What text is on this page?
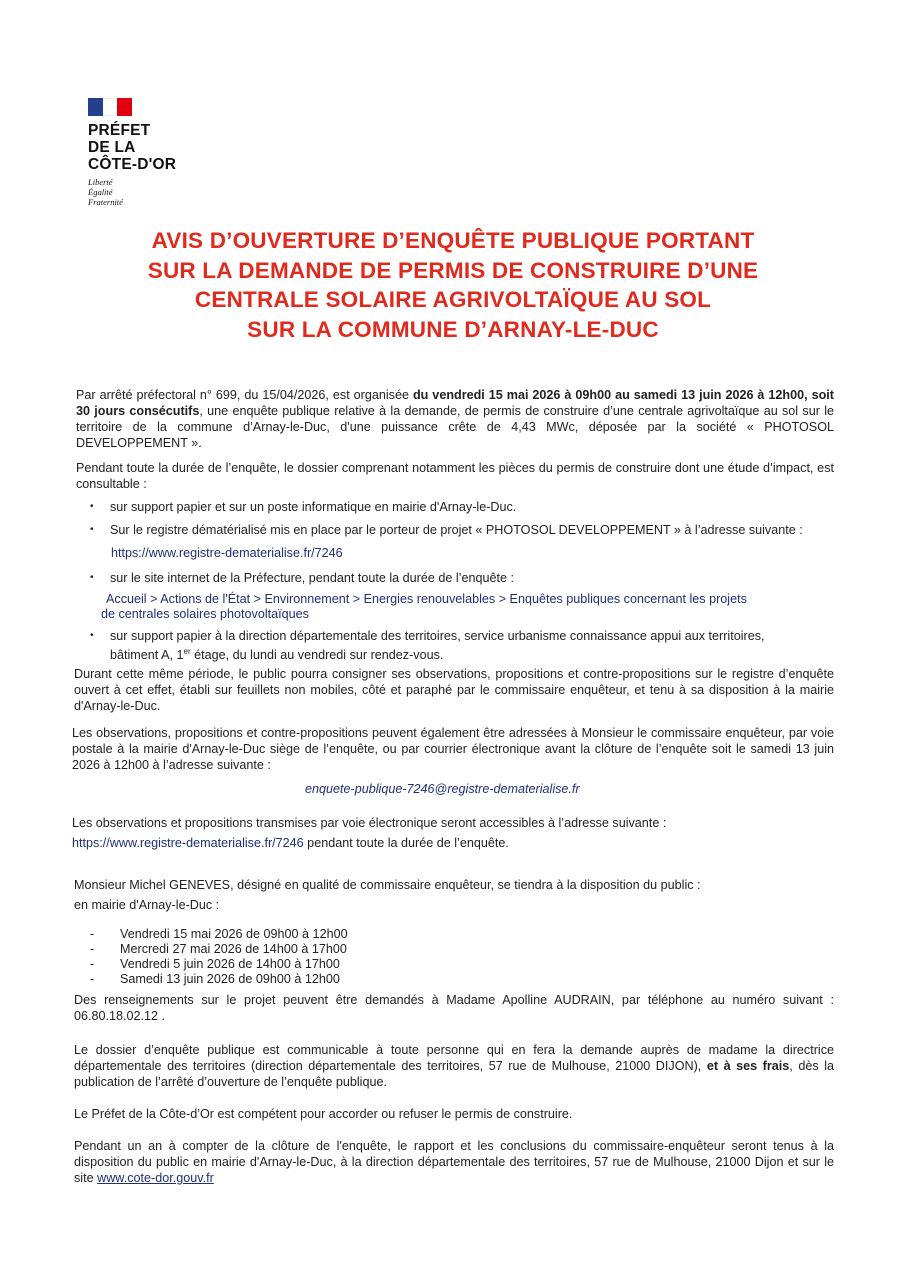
PRÉFET
DE LA
CÔTE-D'OR
Liberté
Égalité
Fraternité
AVIS D’OUVERTURE D’ENQUÊTE PUBLIQUE PORTANT
SUR LA DEMANDE DE PERMIS DE CONSTRUIRE D’UNE
CENTRALE SOLAIRE AGRIVOLTAÏQUE AU SOL
SUR LA COMMUNE D’ARNAY-LE-DUC
Par arrêté préfectoral n° 699, du 15/04/2026, est organisée du vendredi 15 mai 2026 à 09h00 au samedi 13 juin 2026 à 12h00, soit 30 jours consécutifs, une enquête publique relative à la demande, de permis de construire d’une centrale agrivoltaïque au sol sur le territoire de la commune d’Arnay-le-Duc, d'une puissance crête de 4,43 MWc, déposée par la société « PHOTOSOL DEVELOPPEMENT ».
Pendant toute la durée de l’enquête, le dossier comprenant notamment les pièces du permis de construire dont une étude d’impact, est consultable :
• sur support papier et sur un poste informatique en mairie d'Arnay-le-Duc.
• Sur le registre dématérialisé mis en place par le porteur de projet « PHOTOSOL DEVELOPPEMENT » à l’adresse suivante :
https://www.registre-dematerialise.fr/7246
• sur le site internet de la Préfecture, pendant toute la durée de l’enquête :
Accueil > Actions de l'État > Environnement > Energies renouvelables > Enquêtes publiques concernant les projets
de centrales solaires photovoltaïques
• sur support papier à la direction départementale des territoires, service urbanisme connaissance appui aux territoires, bâtiment A, 1er étage, du lundi au vendredi sur rendez-vous.
Durant cette même période, le public pourra consigner ses observations, propositions et contre-propositions sur le registre d’enquête ouvert à cet effet, établi sur feuillets non mobiles, côté et paraphé par le commissaire enquêteur, et tenu à sa disposition à la mairie d'Arnay-le-Duc.
Les observations, propositions et contre-propositions peuvent également être adressées à Monsieur le commissaire enquêteur, par voie postale à la mairie d'Arnay-le-Duc siège de l’enquête, ou par courrier électronique avant la clôture de l’enquête soit le samedi 13 juin 2026 à 12h00 à l’adresse suivante :
enquete-publique-7246@registre-dematerialise.fr
Les observations et propositions transmises par voie électronique seront accessibles à l’adresse suivante :
https://www.registre-dematerialise.fr/7246 pendant toute la durée de l’enquête.
Monsieur Michel GENEVES, désigné en qualité de commissaire enquêteur, se tiendra à la disposition du public :
en mairie d'Arnay-le-Duc :
-	Vendredi 15 mai 2026 de 09h00 à 12h00
-	Mercredi 27 mai 2026 de 14h00 à 17h00
-	Vendredi 5 juin 2026 de 14h00 à 17h00
-	Samedi 13 juin 2026 de 09h00 à 12h00
Des renseignements sur le projet peuvent être demandés à Madame Apolline AUDRAIN, par téléphone au numéro suivant : 06.80.18.02.12 .
Le dossier d’enquête publique est communicable à toute personne qui en fera la demande auprès de madame la directrice départementale des territoires (direction départementale des territoires, 57 rue de Mulhouse, 21000 DIJON), et à ses frais, dès la publication de l’arrêté d’ouverture de l’enquête publique.
Le Préfet de la Côte-d’Or est compétent pour accorder ou refuser le permis de construire.
Pendant un an à compter de la clôture de l'enquête, le rapport et les conclusions du commissaire-enquêteur seront tenus à la disposition du public en mairie d'Arnay-le-Duc, à la direction départementale des territoires, 57 rue de Mulhouse, 21000 Dijon et sur le site www.cote-dor.gouv.fr
